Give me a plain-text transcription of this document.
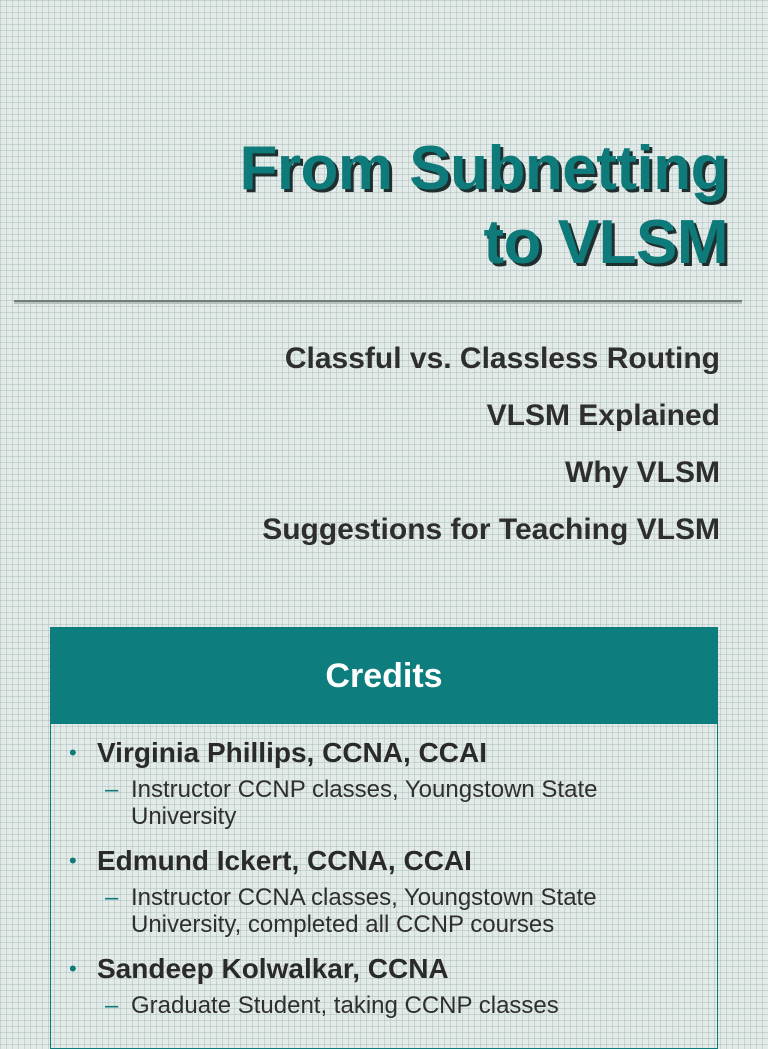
From Subnetting
to VLSM
Classful vs. Classless Routing
VLSM Explained
Why VLSM
Suggestions for Teaching VLSM
Credits
• Virginia Phillips, CCNA, CCAI
– Instructor CCNP classes, Youngstown State University
• Edmund Ickert, CCNA, CCAI
– Instructor CCNA classes, Youngstown State University, completed all CCNP courses
• Sandeep Kolwalkar, CCNA
– Graduate Student, taking CCNP classes
